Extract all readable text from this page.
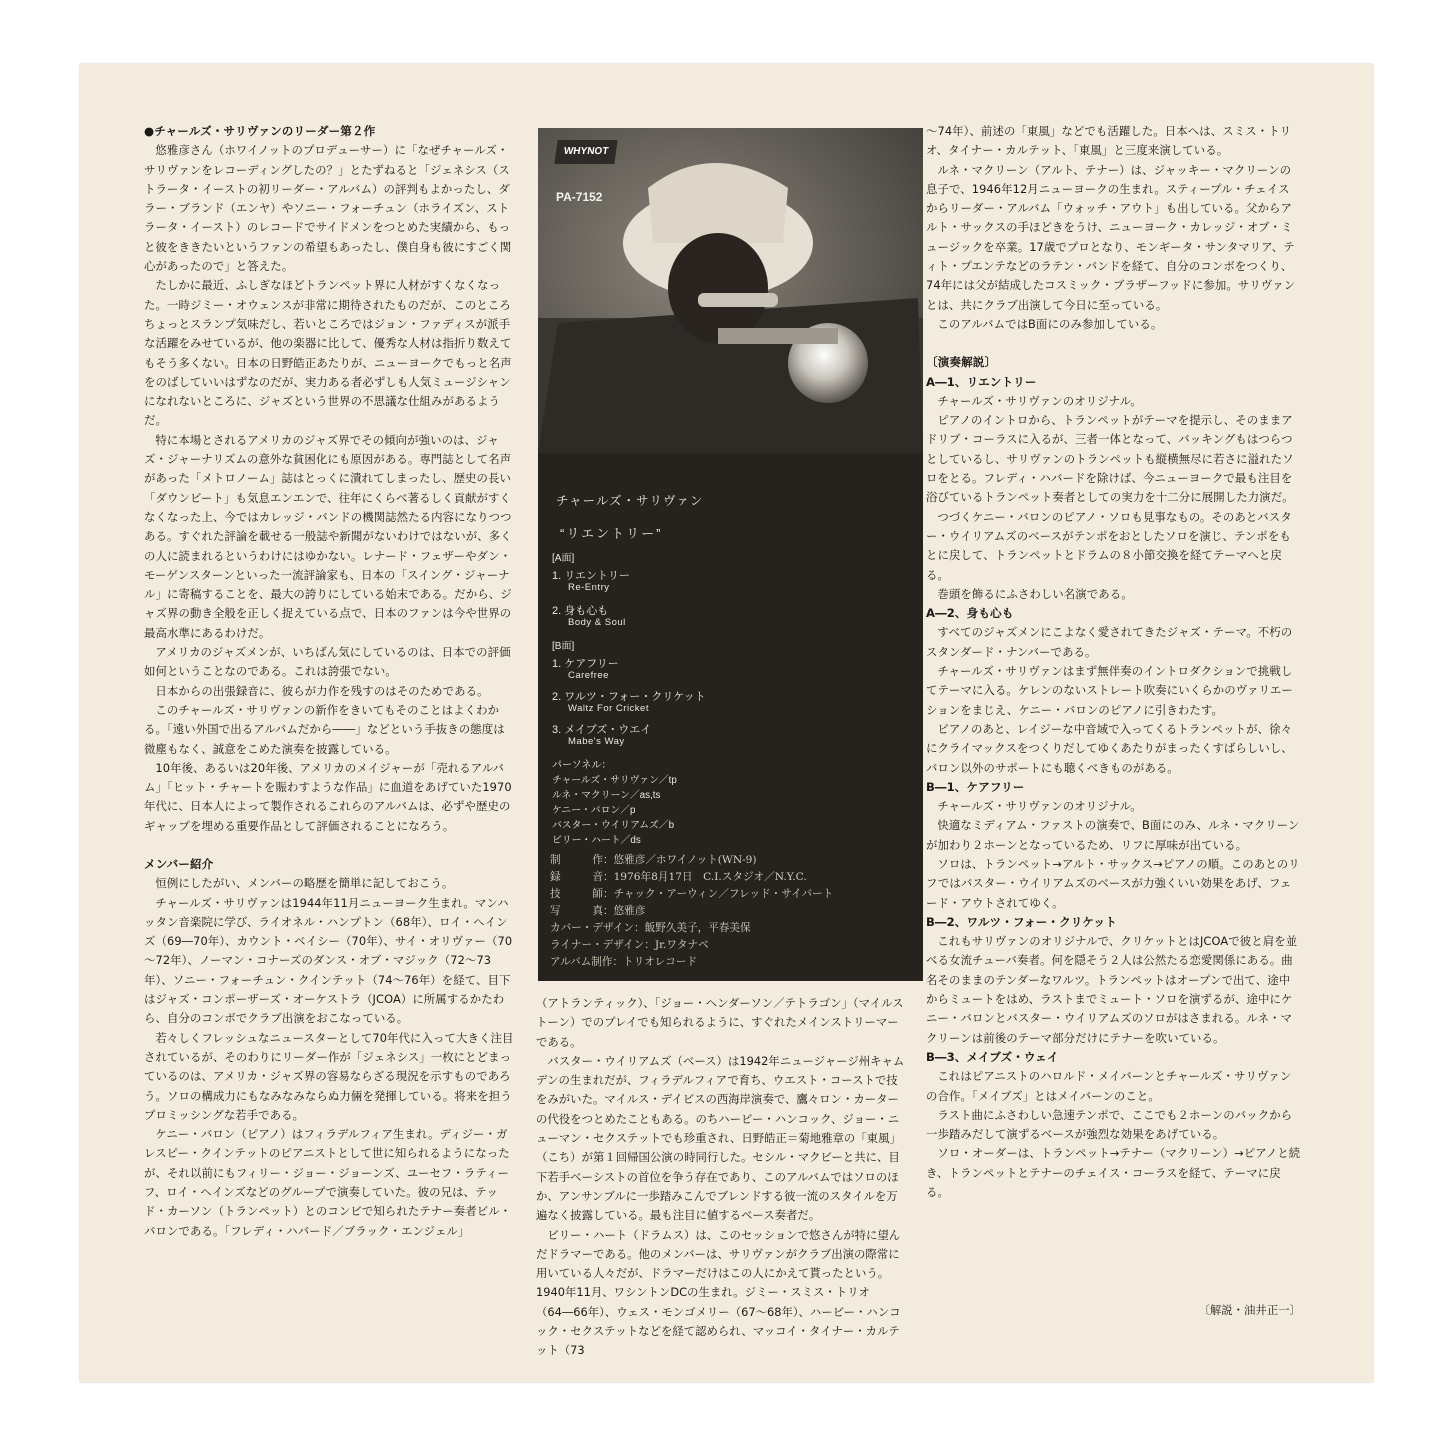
●チャールズ・サリヴァンのリーダー第２作

悠雅彦さん（ホワイノットのプロデューサー）に「なぜチャールズ・サリヴァンをレコーディングしたの？」とたずねると「ジェネシス（ストラータ・イーストの初リーダー・アルバム）の評判もよかったし、ダラー・ブランド（エンヤ）やソニー・フォーチュン（ホライズン、ストラータ・イースト）のレコードでサイドメンをつとめた実績から、もっと彼をききたいというファンの希望もあったし、僕自身も彼にすごく関心があったので」と答えた。

たしかに最近、ふしぎなほどトランペット界に人材がすくなくなった。一時ジミー・オウェンスが非常に期待されたものだが、このところちょっとスランプ気味だし、若いところではジョン・ファディスが派手な活躍をみせているが、他の楽器に比して、優秀な人材は指折り数えてもそう多くない。日本の日野皓正あたりが、ニューヨークでもっと名声をのばしていいはずなのだが、実力ある者必ずしも人気ミュージシャンになれないところに、ジャズという世界の不思議な仕組みがあるようだ。

特に本場とされるアメリカのジャズ界でその傾向が強いのは、ジャズ・ジャーナリズムの意外な貧困化にも原因がある。専門誌として名声があった「メトロノーム」誌はとっくに潰れてしまったし、歴史の長い「ダウンビート」も気息エンエンで、往年にくらべ著るしく貢献がすくなくなった上、今ではカレッジ・バンドの機関誌然たる内容になりつつある。すぐれた評論を載せる一般誌や新聞がないわけではないが、多くの人に読まれるというわけにはゆかない。レナード・フェザーやダン・モーゲンスターンといった一流評論家も、日本の「スイング・ジャーナル」に寄稿することを、最大の誇りにしている始末である。だから、ジャズ界の動き全般を正しく捉えている点で、日本のファンは今や世界の最高水準にあるわけだ。

アメリカのジャズメンが、いちばん気にしているのは、日本での評価如何ということなのである。これは誇張でない。

日本からの出張録音に、彼らが力作を残すのはそのためである。

このチャールズ・サリヴァンの新作をきいてもそのことはよくわかる。「遠い外国で出るアルバムだから――」などという手抜きの態度は微塵もなく、誠意をこめた演奏を披露している。

10年後、あるいは20年後、アメリカのメイジャーが「売れるアルバム」「ヒット・チャートを賑わすような作品」に血道をあげていた1970年代に、日本人によって製作されるこれらのアルバムは、必ずや歴史のギャップを埋める重要作品として評価されることになろう。

メンバー紹介

恒例にしたがい、メンバーの略歴を簡単に記しておこう。

チャールズ・サリヴァンは1944年11月ニューヨーク生まれ。マンハッタン音楽院に学び、ライオネル・ハンプトン（68年）、ロイ・ヘインズ（69―70年）、カウント・ベイシー（70年）、サイ・オリヴァー（70～72年）、ノーマン・コナーズのダンス・オブ・マジック（72～73年）、ソニー・フォーチュン・クインテット（74～76年）を経て、目下はジャズ・コンポーザーズ・オーケストラ（JCOA）に所属するかたわら、自分のコンボでクラブ出演をおこなっている。

若々しくフレッシュなニュースターとして70年代に入って大きく注目されているが、そのわりにリーダー作が「ジェネシス」一枚にとどまっているのは、アメリカ・ジャズ界の容易ならざる現況を示すものであろう。ソロの構成力にもなみなみならぬ力倆を発揮している。将来を担うプロミッシングな若手である。

ケニー・バロン（ピアノ）はフィラデルフィア生まれ。ディジー・ガレスピー・クインテットのピアニストとして世に知られるようになったが、それ以前にもフィリー・ジョー・ジョーンズ、ユーセフ・ラティーフ、ロイ・ヘインズなどのグループで演奏していた。彼の兄は、テッド・カーソン（トランペット）とのコンビで知られたテナー奏者ビル・バロンである。「フレディ・ハバード／ブラック・エンジェル」

WHYNOT
PA-7152
チャールズ・サリヴァン
“リエントリー”
[A面]
1. リエントリー
Re-Entry
2. 身も心も
Body & Soul
[B面]
1. ケアフリー
Carefree
2. ワルツ・フォー・クリケット
Waltz For Cricket
3. メイブズ・ウエイ
Mabe's Way
パーソネル：
チャールズ・サリヴァン／tp
ルネ・マクリーン／as,ts
ケニー・バロン／p
バスター・ウイリアムズ／b
ビリー・ハート／ds
制　　　作：悠雅彦／ホワイノット(WN-9)
録　　　音：1976年8月17日　C.I.スタジオ／N.Y.C.
技　　　師：チャック・アーウィン／フレッド・サイバート
写　　　真：悠雅彦
カバー・デザイン：飯野久美子，平春美保
ライナー・デザイン：Jr.ワタナベ
アルバム制作：トリオレコード

（アトランティック）、「ジョー・ヘンダーソン／テトラゴン」（マイルストーン）でのプレイでも知られるように、すぐれたメインストリーマーである。

バスター・ウイリアムズ（ベース）は1942年ニュージャージ州キャムデンの生まれだが、フィラデルフィアで育ち、ウエスト・コーストで技をみがいた。マイルス・デイビスの西海岸演奏で、鷹々ロン・カーターの代役をつとめたこともある。のちハービー・ハンコック、ジョー・ニューマン・セクステットでも珍重され、日野皓正＝菊地雅章の「東風」（こち）が第１回帰国公演の時同行した。セシル・マクビーと共に、目下若手ベーシストの首位を争う存在であり、このアルバムではソロのほか、アンサンブルに一歩踏みこんでブレンドする彼一流のスタイルを万遍なく披露している。最も注目に値するベース奏者だ。

ビリー・ハート（ドラムス）は、このセッションで悠さんが特に望んだドラマーである。他のメンバーは、サリヴァンがクラブ出演の際常に用いている人々だが、ドラマーだけはこの人にかえて貰ったという。1940年11月、ワシントンDCの生まれ。ジミー・スミス・トリオ（64―66年）、ウェス・モンゴメリー（67～68年）、ハービー・ハンコック・セクステットなどを経て認められ、マッコイ・タイナー・カルテット（73

～74年）、前述の「東風」などでも活躍した。日本へは、スミス・トリオ、タイナー・カルテット、「東風」と三度来演している。

ルネ・マクリーン（アルト、テナー）は、ジャッキー・マクリーンの息子で、1946年12月ニューヨークの生まれ。スティープル・チェイスからリーダー・アルバム「ウォッチ・アウト」も出している。父からアルト・サックスの手ほどきをうけ、ニューヨーク・カレッジ・オブ・ミュージックを卒業。17歳でプロとなり、モンギータ・サンタマリア、ティト・プエンテなどのラテン・バンドを経て、自分のコンボをつくり、74年には父が結成したコスミック・ブラザーフッドに参加。サリヴァンとは、共にクラブ出演して今日に至っている。

このアルバムではB面にのみ参加している。

〔演奏解説〕
A―1、リエントリー

チャールズ・サリヴァンのオリジナル。

ピアノのイントロから、トランペットがテーマを提示し、そのままアドリブ・コーラスに入るが、三者一体となって、バッキングもはつらつとしているし、サリヴァンのトランペットも縦横無尽に若さに溢れたソロをとる。フレディ・ハバードを除けば、今ニューヨークで最も注目を浴びているトランペット奏者としての実力を十二分に展開した力演だ。

つづくケニー・バロンのピアノ・ソロも見事なもの。そのあとバスター・ウイリアムズのベースがテンポをおとしたソロを演じ、テンポをもとに戻して、トランペットとドラムの８小節交換を経てテーマへと戻る。

巻頭を飾るにふさわしい名演である。

A―2、身も心も

すべてのジャズメンにこよなく愛されてきたジャズ・テーマ。不朽のスタンダード・ナンバーである。

チャールズ・サリヴァンはまず無伴奏のイントロダクションで挑戦してテーマに入る。ケレンのないストレート吹奏にいくらかのヴァリエーションをまじえ、ケニー・バロンのピアノに引きわたす。

ピアノのあと、レイジーな中音域で入ってくるトランペットが、徐々にクライマックスをつくりだしてゆくあたりがまったくすばらしいし、バロン以外のサポートにも聴くべきものがある。

B―1、ケアフリー

チャールズ・サリヴァンのオリジナル。

快適なミディアム・ファストの演奏で、B面にのみ、ルネ・マクリーンが加わり２ホーンとなっているため、リフに厚味が出ている。

ソロは、トランペット→アルト・サックス→ピアノの順。このあとのリフではバスター・ウイリアムズのベースが力強くいい効果をあげ、フェード・アウトされてゆく。

B―2、ワルツ・フォー・クリケット

これもサリヴァンのオリジナルで、クリケットとはJCOAで彼と肩を並べる女流チューバ奏者。何を隠そう２人は公然たる恋愛関係にある。曲名そのままのテンダーなワルツ。トランペットはオープンで出て、途中からミュートをはめ、ラストまでミュート・ソロを演ずるが、途中にケニー・バロンとバスター・ウイリアムズのソロがはさまれる。ルネ・マクリーンは前後のテーマ部分だけにテナーを吹いている。

B―3、メイブズ・ウェイ

これはピアニストのハロルド・メイバーンとチャールズ・サリヴァンの合作。「メイブズ」とはメイバーンのこと。

ラスト曲にふさわしい急速テンポで、ここでも２ホーンのバックから一歩踏みだして演ずるベースが強烈な効果をあげている。

ソロ・オーダーは、トランペット→テナー（マクリーン）→ピアノと続き、トランペットとテナーのチェイス・コーラスを経て、テーマに戻る。

〔解説・油井正一〕
